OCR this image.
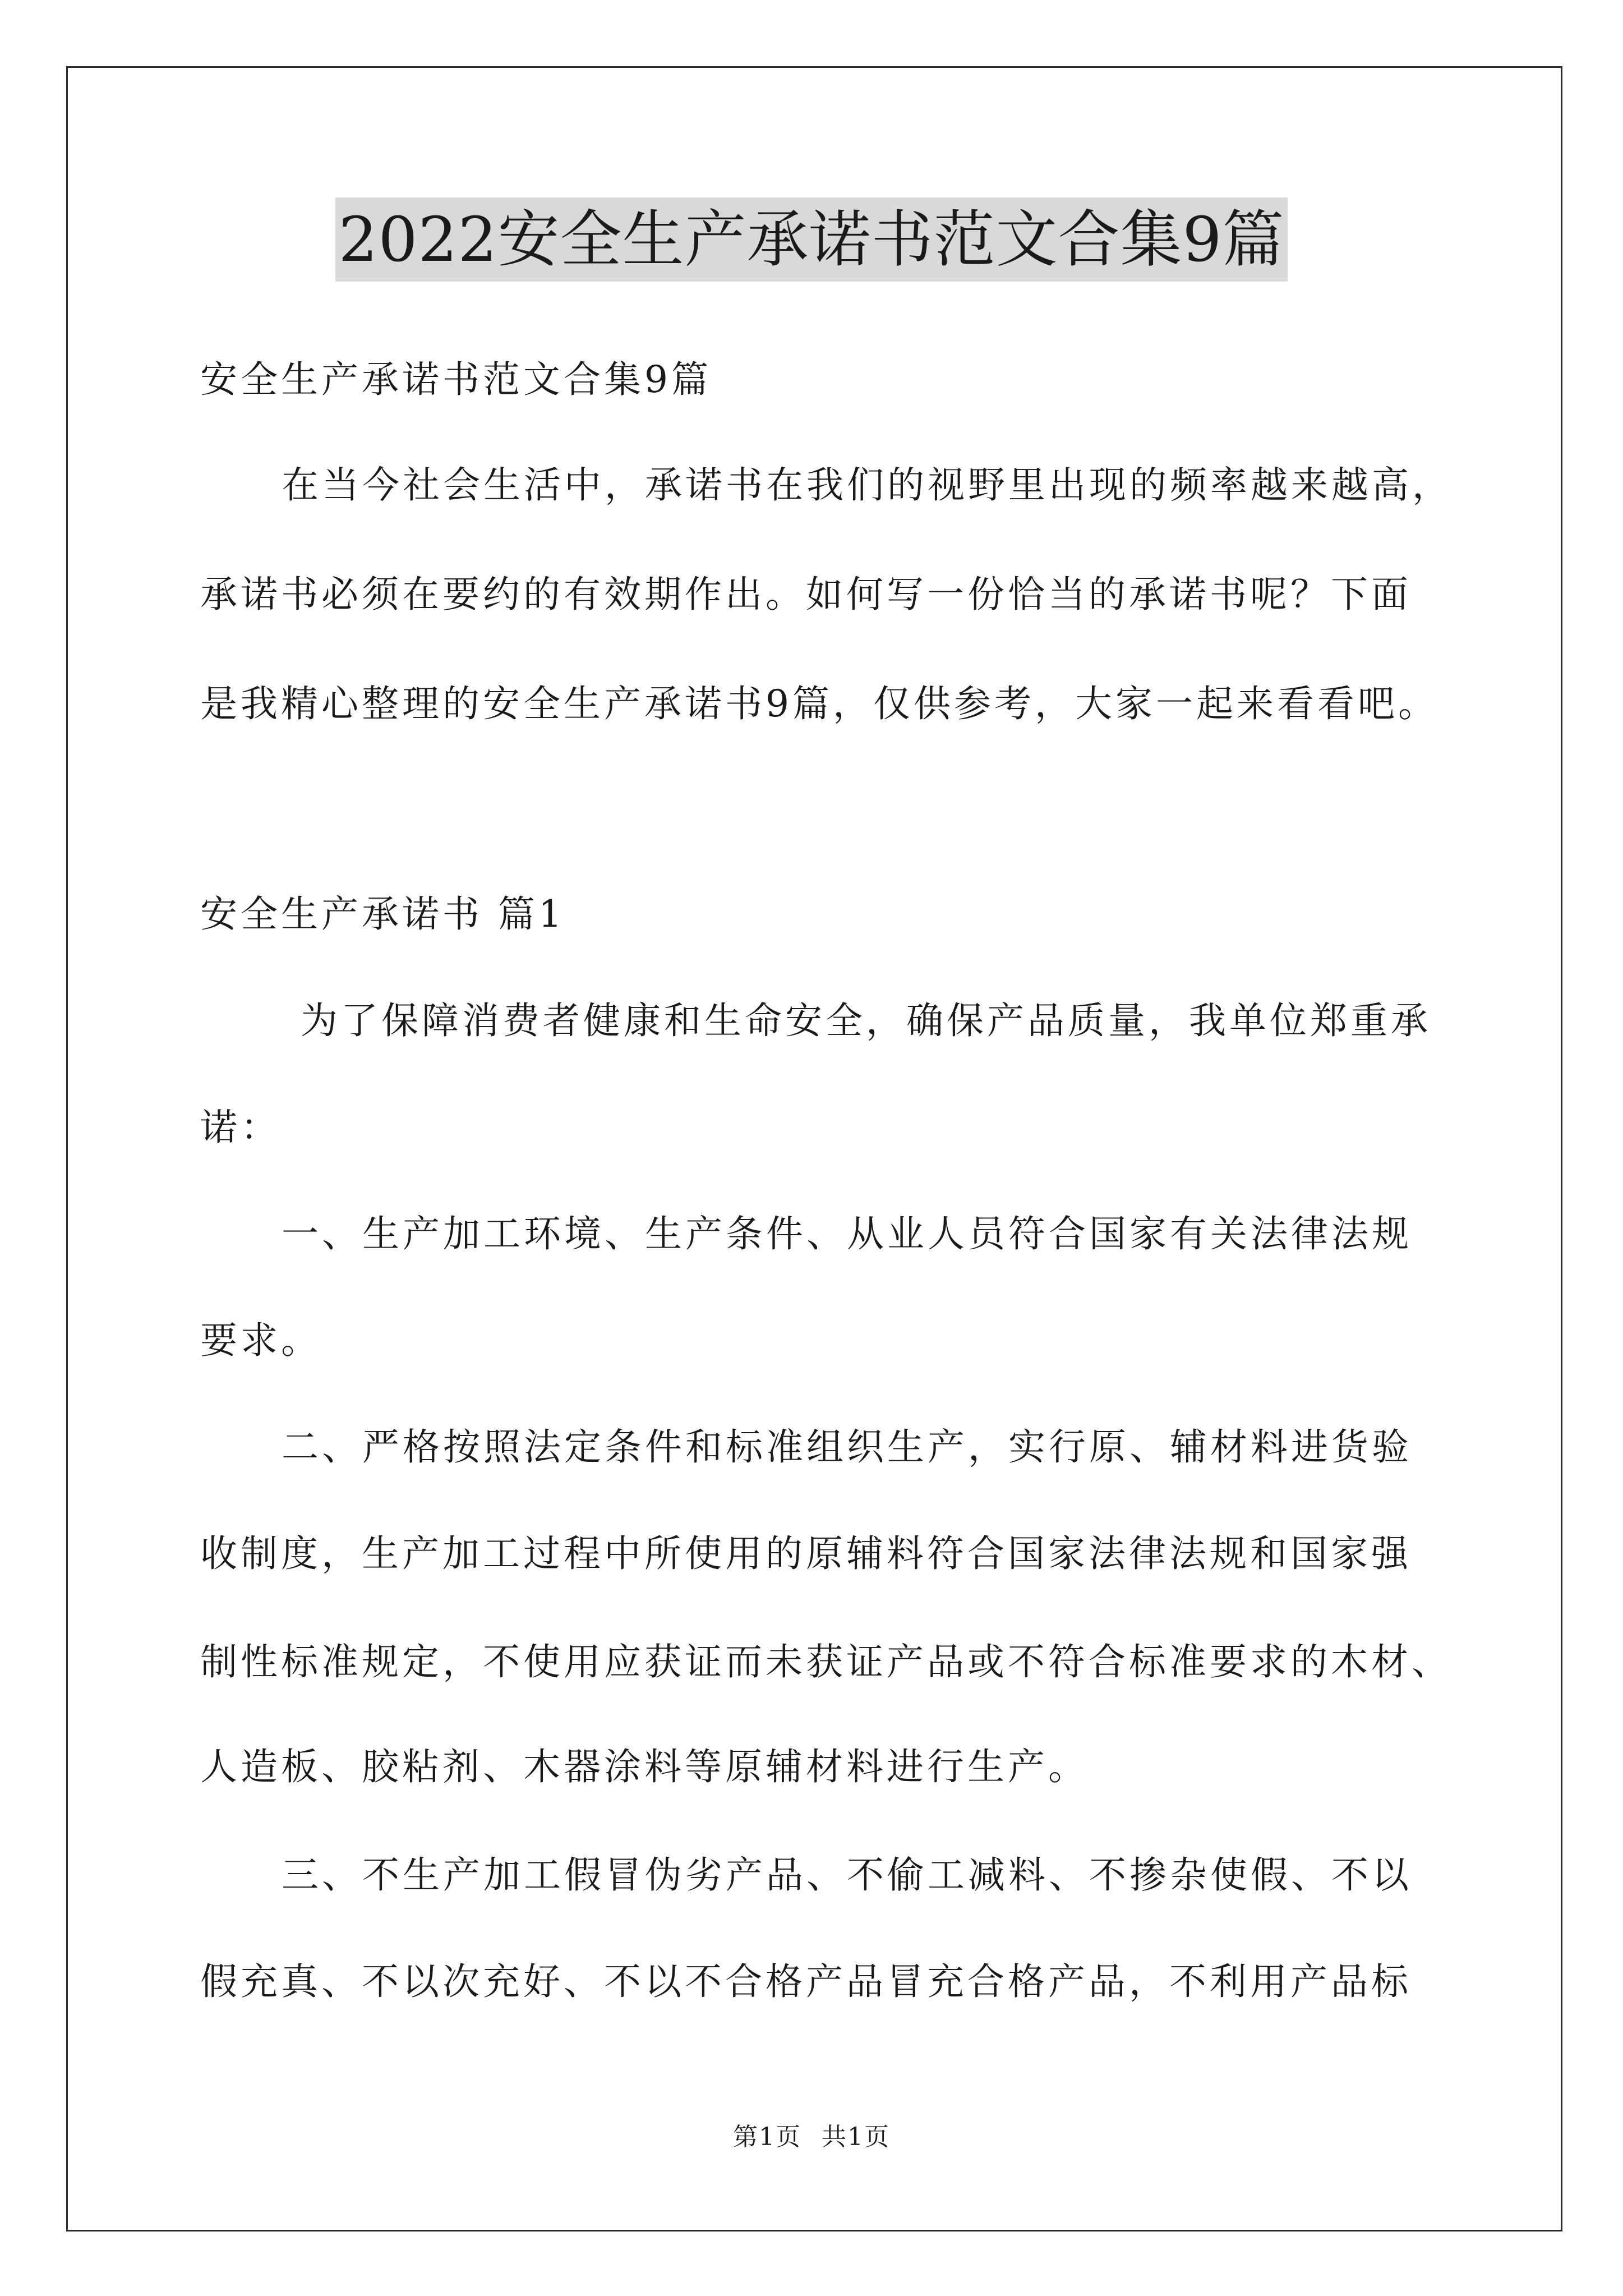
2022安全生产承诺书范文合集9篇
安全生产承诺书范文合集9篇
在当今社会生活中，承诺书在我们的视野里出现的频率越来越高，
承诺书必须在要约的有效期作出。如何写一份恰当的承诺书呢？下面
是我精心整理的安全生产承诺书9篇，仅供参考，大家一起来看看吧。
安全生产承诺书 篇1
为了保障消费者健康和生命安全，确保产品质量，我单位郑重承
诺：
一、生产加工环境、生产条件、从业人员符合国家有关法律法规
要求。
二、严格按照法定条件和标准组织生产，实行原、辅材料进货验
收制度，生产加工过程中所使用的原辅料符合国家法律法规和国家强
制性标准规定，不使用应获证而未获证产品或不符合标准要求的木材、
人造板、胶粘剂、木器涂料等原辅材料进行生产。
三、不生产加工假冒伪劣产品、不偷工减料、不掺杂使假、不以
假充真、不以次充好、不以不合格产品冒充合格产品，不利用产品标
第1页 共1页
